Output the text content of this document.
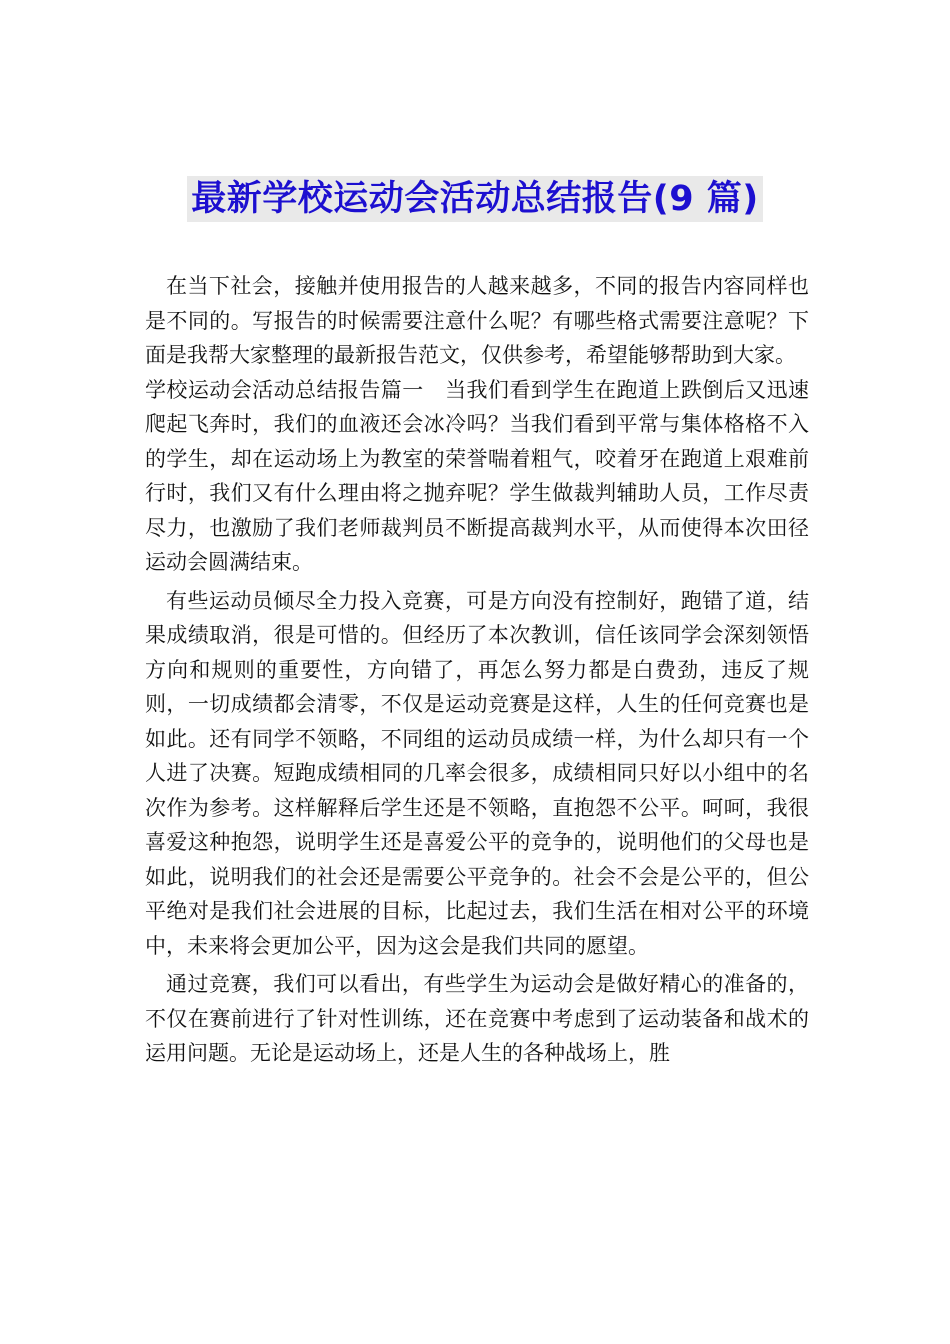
最新学校运动会活动总结报告(9 篇)

在当下社会，接触并使用报告的人越来越多，不同的报告内容同样也是不同的。写报告的时候需要注意什么呢？有哪些格式需要注意呢？下面是我帮大家整理的最新报告范文，仅供参考，希望能够帮助到大家。

学校运动会活动总结报告篇一　当我们看到学生在跑道上跌倒后又迅速爬起飞奔时，我们的血液还会冰冷吗？当我们看到平常与集体格格不入的学生，却在运动场上为教室的荣誉喘着粗气，咬着牙在跑道上艰难前行时，我们又有什么理由将之抛弃呢？学生做裁判辅助人员，工作尽责尽力，也激励了我们老师裁判员不断提高裁判水平，从而使得本次田径运动会圆满结束。

有些运动员倾尽全力投入竞赛，可是方向没有控制好，跑错了道，结果成绩取消，很是可惜的。但经历了本次教训，信任该同学会深刻领悟方向和规则的重要性，方向错了，再怎么努力都是白费劲，违反了规则，一切成绩都会清零，不仅是运动竞赛是这样，人生的任何竞赛也是如此。还有同学不领略，不同组的运动员成绩一样，为什么却只有一个人进了决赛。短跑成绩相同的几率会很多，成绩相同只好以小组中的名次作为参考。这样解释后学生还是不领略，直抱怨不公平。呵呵，我很喜爱这种抱怨，说明学生还是喜爱公平的竞争的，说明他们的父母也是如此，说明我们的社会还是需要公平竞争的。社会不会是公平的，但公平绝对是我们社会进展的目标，比起过去，我们生活在相对公平的环境中，未来将会更加公平，因为这会是我们共同的愿望。

通过竞赛，我们可以看出，有些学生为运动会是做好精心的准备的，不仅在赛前进行了针对性训练，还在竞赛中考虑到了运动装备和战术的运用问题。无论是运动场上，还是人生的各种战场上，胜
